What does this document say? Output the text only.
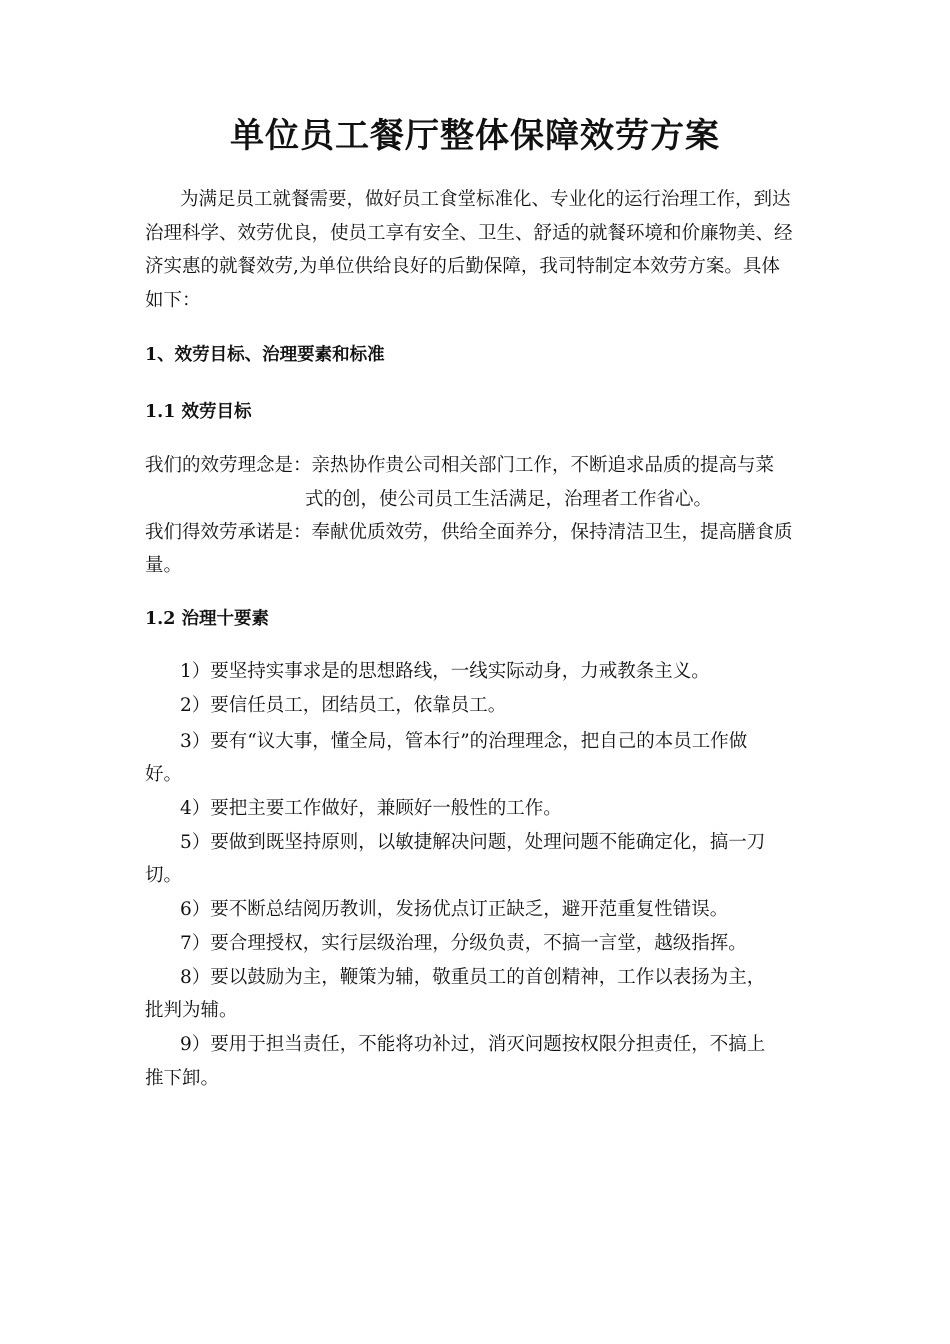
单位员工餐厅整体保障效劳方案
为满足员工就餐需要，做好员工食堂标准化、专业化的运行治理工作，到达
治理科学、效劳优良，使员工享有安全、卫生、舒适的就餐环境和价廉物美、经
济实惠的就餐效劳,为单位供给良好的后勤保障，我司特制定本效劳方案。具体
如下：
1、效劳目标、治理要素和标准
1.1 效劳目标
我们的效劳理念是：亲热协作贵公司相关部门工作，不断追求品质的提高与菜
式的创，使公司员工生活满足，治理者工作省心。
我们得效劳承诺是：奉献优质效劳，供给全面养分，保持清洁卫生，提高膳食质
量。
1.2 治理十要素
1）要坚持实事求是的思想路线，一线实际动身，力戒教条主义。
2）要信任员工，团结员工，依靠员工。
3）要有“议大事，懂全局，管本行”的治理理念，把自己的本员工作做
好。
4）要把主要工作做好，兼顾好一般性的工作。
5）要做到既坚持原则，以敏捷解决问题，处理问题不能确定化，搞一刀
切。
6）要不断总结阅历教训，发扬优点订正缺乏，避开范重复性错误。
7）要合理授权，实行层级治理，分级负责，不搞一言堂，越级指挥。
8）要以鼓励为主，鞭策为辅，敬重员工的首创精神，工作以表扬为主，
批判为辅。
9）要用于担当责任，不能将功补过，消灭问题按权限分担责任，不搞上
推下卸。
